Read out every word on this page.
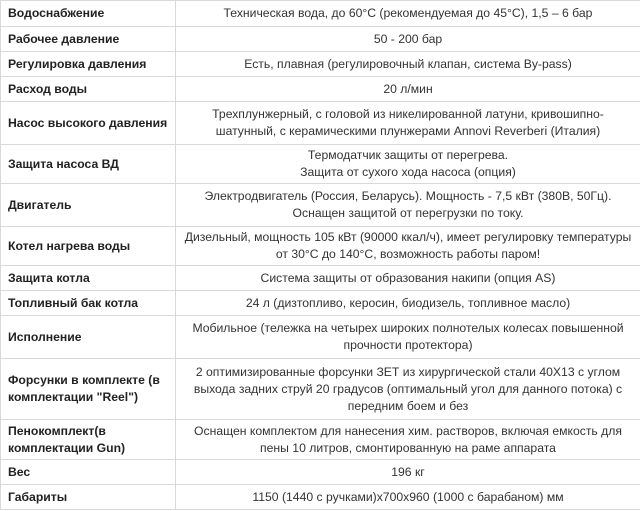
Водоснабжение	Техническая вода, до 60°C (рекомендуемая до 45°C), 1,5 – 6 бар

Рабочее давление	50 - 200 бар

Регулировка давления	Есть, плавная (регулировочный клапан, система By-pass)

Расход воды	20 л/мин

Насос высокого давления	Трехплунжерный, с головой из никелированной латуни, кривошипно-
шатунный, с керамическими плунжерами Annovi Reverberi (Италия)

Защита насоса ВД	Термодатчик защиты от перегрева.
Защита от сухого хода насоса (опция)

Двигатель	Электродвигатель (Россия, Беларусь). Мощность - 7,5 кВт (380В, 50Гц).
Оснащен защитой от перегрузки по току.

Котел нагрева воды	Дизельный, мощность 105 кВт (90000 ккал/ч), имеет регулировку температуры
от 30°C до 140°C, возможность работы паром!

Защита котла	Система защиты от образования накипи (опция AS)

Топливный бак котла	24 л (дизтопливо, керосин, биодизель, топливное масло)

Исполнение	Мобильное (тележка на четырех широких полнотелых колесах повышенной
прочности протектора)

Форсунки в комплекте (в комплектации "Reel")	2 оптимизированные форсунки ЗЕТ из хирургической стали 40Х13 с углом
выхода задних струй 20 градусов (оптимальный угол для данного потока) с
передним боем и без

Пенокомплект(в комплектации Gun)	Оснащен комплектом для нанесения хим. растворов, включая емкость для
пены 10 литров, смонтированную на раме аппарата

Вес	196 кг

Габариты	1150 (1440 с ручками)х700х960 (1000 с барабаном) мм
